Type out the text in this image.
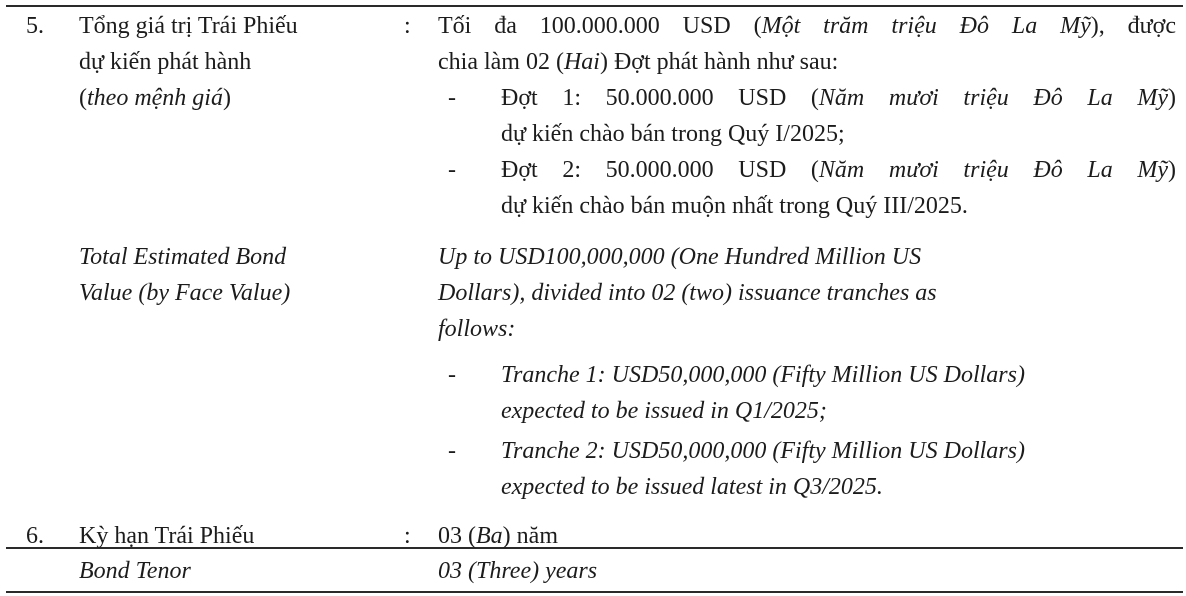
5. Tổng giá trị Trái Phiếu
dự kiến phát hành
(theo mệnh giá)
: Tối đa 100.000.000 USD (Một trăm triệu Đô La Mỹ), được
chia làm 02 (Hai) Đợt phát hành như sau:
- Đợt 1: 50.000.000 USD (Năm mươi triệu Đô La Mỹ)
dự kiến chào bán trong Quý I/2025;
- Đợt 2: 50.000.000 USD (Năm mươi triệu Đô La Mỹ)
dự kiến chào bán muộn nhất trong Quý III/2025.
Total Estimated Bond
Value (by Face Value)
Up to USD100,000,000 (One Hundred Million US
Dollars), divided into 02 (two) issuance tranches as
follows:
- Tranche 1: USD50,000,000 (Fifty Million US Dollars)
expected to be issued in Q1/2025;
- Tranche 2: USD50,000,000 (Fifty Million US Dollars)
expected to be issued latest in Q3/2025.
6. Kỳ hạn Trái Phiếu	: 03 (Ba) năm
Bond Tenor	03 (Three) years
